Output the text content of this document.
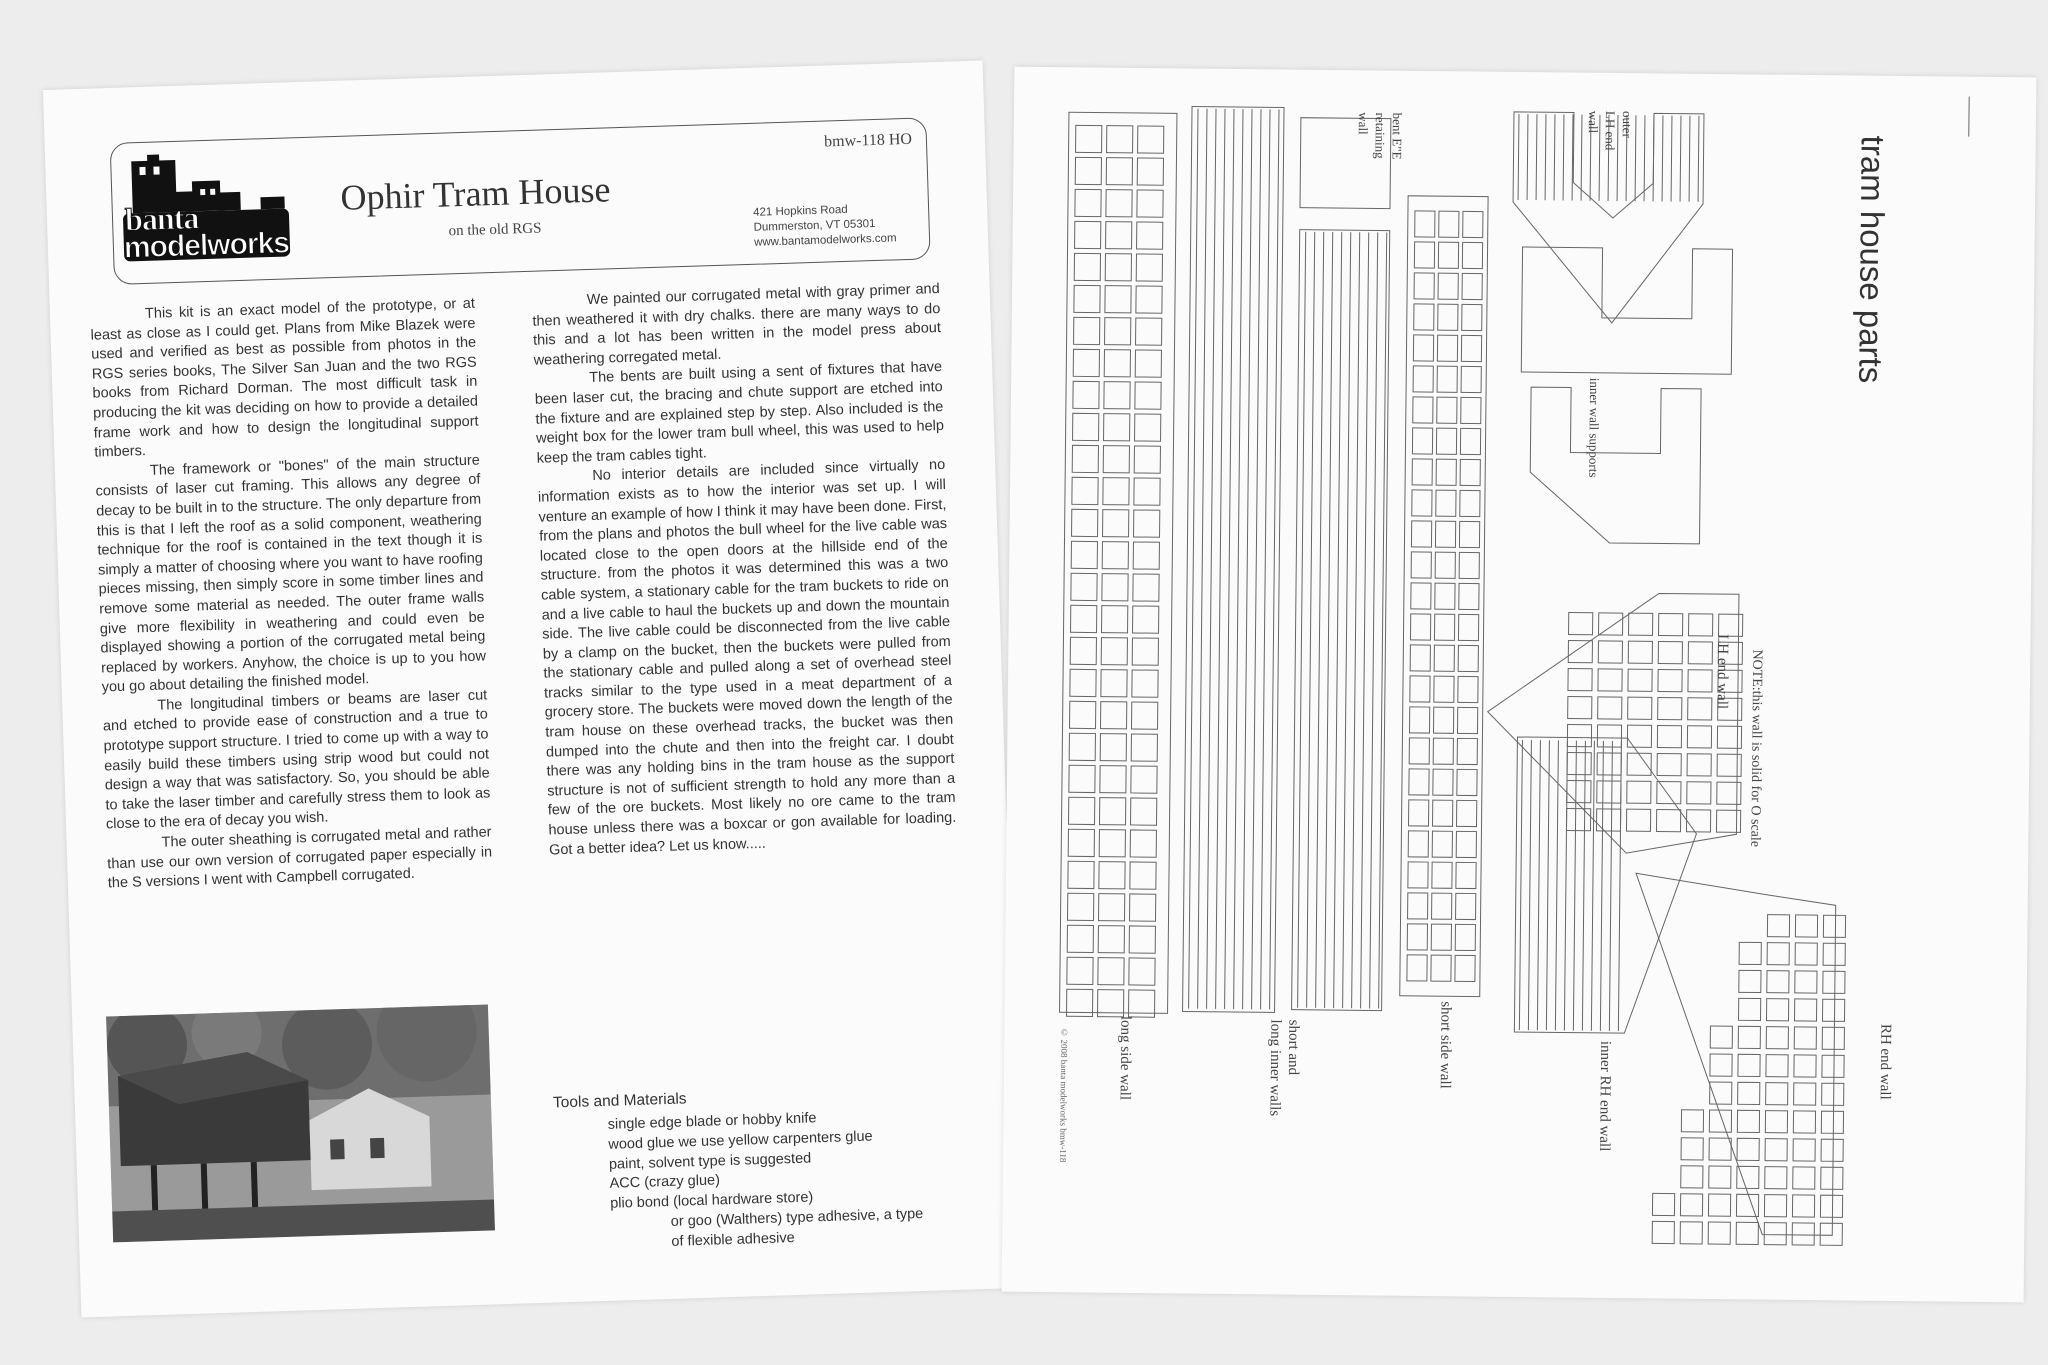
banta
modelworks
Ophir Tram House
on the old RGS
bmw-118 HO
421 Hopkins Road
Dummerston, VT 05301
www.bantamodelworks.com

This kit is an exact model of the prototype, or at least as close as I could get. Plans from Mike Blazek were used and verified as best as possible from photos in the RGS series books, The Silver San Juan and the two RGS books from Richard Dorman. The most difficult task in producing the kit was deciding on how to provide a detailed frame work and how to design the longitudinal support timbers.

The framework or "bones" of the main structure consists of laser cut framing. This allows any degree of decay to be built in to the structure. The only departure from this is that I left the roof as a solid component, weathering technique for the roof is contained in the text though it is simply a matter of choosing where you want to have roofing pieces missing, then simply score in some timber lines and remove some material as needed. The outer frame walls give more flexibility in weathering and could even be displayed showing a portion of the corrugated metal being replaced by workers. Anyhow, the choice is up to you how you go about detailing the finished model.

The longitudinal timbers or beams are laser cut and etched to provide ease of construction and a true to prototype support structure. I tried to come up with a way to easily build these timbers using strip wood but could not design a way that was satisfactory. So, you should be able to take the laser timber and carefully stress them to look as close to the era of decay you wish.

The outer sheathing is corrugated metal and rather than use our own version of corrugated paper especially in the S versions I went with Campbell corrugated.

We painted our corrugated metal with gray primer and then weathered it with dry chalks. there are many ways to do this and a lot has been written in the model press about weathering corregated metal.

The bents are built using a sent of fixtures that have been laser cut, the bracing and chute support are etched into the fixture and are explained step by step. Also included is the weight box for the lower tram bull wheel, this was used to help keep the tram cables tight.

No interior details are included since virtually no information exists as to how the interior was set up. I will venture an example of how I think it may have been done. First, from the plans and photos the bull wheel for the live cable was located close to the open doors at the hillside end of the structure. from the photos it was determined this was a two cable system, a stationary cable for the tram buckets to ride on and a live cable to haul the buckets up and down the mountain side. The live cable could be disconnected from the live cable by a clamp on the bucket, then the buckets were pulled from the stationary cable and pulled along a set of overhead steel tracks similar to the type used in a meat department of a grocery store. The buckets were moved down the length of the tram house on these overhead tracks, the bucket was then dumped into the chute and then into the freight car. I doubt there was any holding bins in the tram house as the support structure is not of sufficient strength to hold any more than a few of the ore buckets. Most likely no ore came to the tram house unless there was a boxcar or gon available for loading. Got a better idea? Let us know.....

Tools and Materials
single edge blade or hobby knife
wood glue we use yellow carpenters glue
paint, solvent type is suggested
ACC (crazy glue)
plio bond (local hardware store)
or goo (Walthers) type adhesive, a type
of flexible adhesive
tram house parts
long side wall	short and
long inner walls	short side wall
bent E"E
retaining
wall	outer
LH end
wall
inner wall supports
NOTE:this wall is solid for O scale
LH end wall
RH end wall
inner RH end wall
© 2008 banta modelworks bmw-118
